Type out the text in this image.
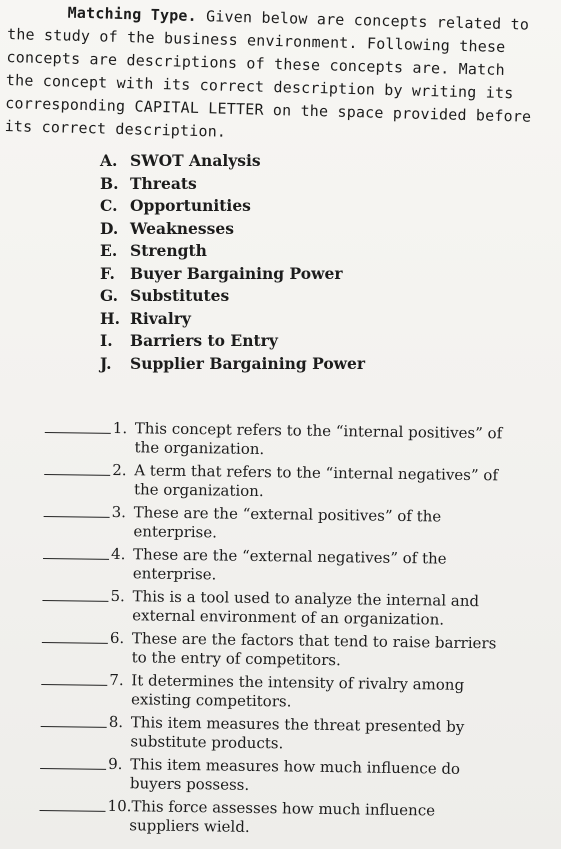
Matching Type. Given below are concepts related to the study of the business environment. Following these concepts are descriptions of these concepts are. Match the concept with its correct description by writing its corresponding CAPITAL LETTER on the space provided before its correct description.
A. SWOT Analysis
B. Threats
C. Opportunities
D. Weaknesses
E. Strength
F. Buyer Bargaining Power
G. Substitutes
H. Rivalry
I. Barriers to Entry
J. Supplier Bargaining Power
1. This concept refers to the “internal positives” of
the organization.
2. A term that refers to the “internal negatives” of
the organization.
3. These are the “external positives” of the
enterprise.
4. These are the “external negatives” of the
enterprise.
5. This is a tool used to analyze the internal and
external environment of an organization.
6. These are the factors that tend to raise barriers
to the entry of competitors.
7. It determines the intensity of rivalry among
existing competitors.
8. This item measures the threat presented by
substitute products.
9. This item measures how much influence do
buyers possess.
10.This force assesses how much influence
suppliers wield.
